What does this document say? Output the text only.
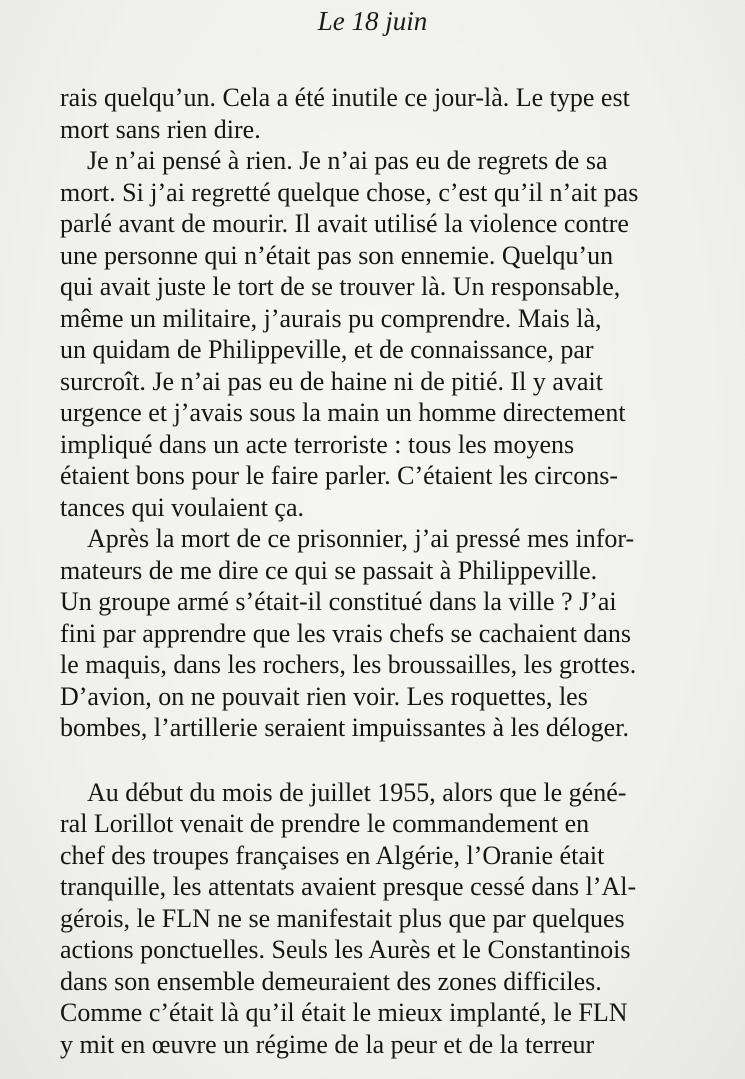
Le 18 juin
rais quelqu’un. Cela a été inutile ce jour-là. Le type est
mort sans rien dire.
Je n’ai pensé à rien. Je n’ai pas eu de regrets de sa
mort. Si j’ai regretté quelque chose, c’est qu’il n’ait pas
parlé avant de mourir. Il avait utilisé la violence contre
une personne qui n’était pas son ennemie. Quelqu’un
qui avait juste le tort de se trouver là. Un responsable,
même un militaire, j’aurais pu comprendre. Mais là,
un quidam de Philippeville, et de connaissance, par
surcroît. Je n’ai pas eu de haine ni de pitié. Il y avait
urgence et j’avais sous la main un homme directement
impliqué dans un acte terroriste : tous les moyens
étaient bons pour le faire parler. C’étaient les circons-
tances qui voulaient ça.
Après la mort de ce prisonnier, j’ai pressé mes infor-
mateurs de me dire ce qui se passait à Philippeville.
Un groupe armé s’était-il constitué dans la ville ? J’ai
fini par apprendre que les vrais chefs se cachaient dans
le maquis, dans les rochers, les broussailles, les grottes.
D’avion, on ne pouvait rien voir. Les roquettes, les
bombes, l’artillerie seraient impuissantes à les déloger.
Au début du mois de juillet 1955, alors que le géné-
ral Lorillot venait de prendre le commandement en
chef des troupes françaises en Algérie, l’Oranie était
tranquille, les attentats avaient presque cessé dans l’Al-
gérois, le FLN ne se manifestait plus que par quelques
actions ponctuelles. Seuls les Aurès et le Constantinois
dans son ensemble demeuraient des zones difficiles.
Comme c’était là qu’il était le mieux implanté, le FLN
y mit en œuvre un régime de la peur et de la terreur
